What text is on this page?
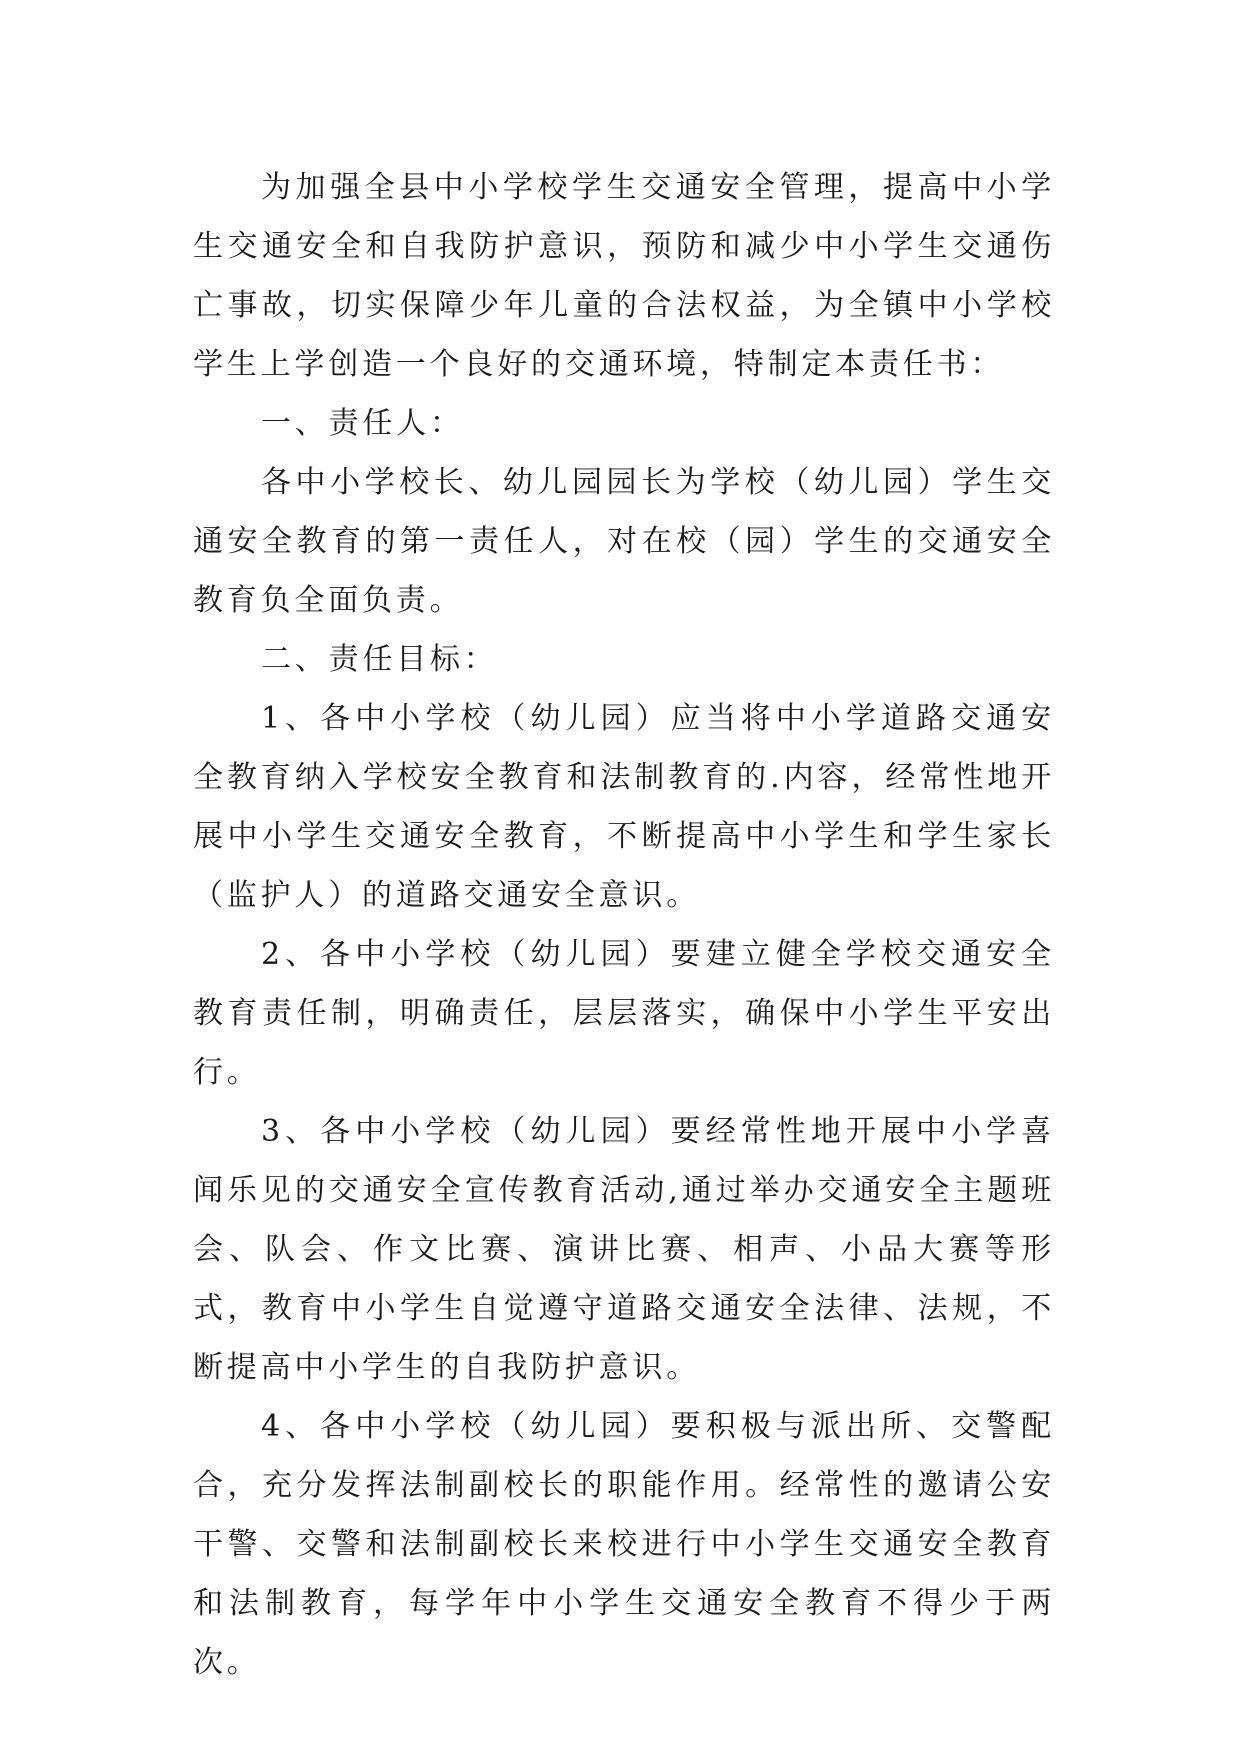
为加强全县中小学校学生交通安全管理，提高中小学生交通安全和自我防护意识，预防和减少中小学生交通伤亡事故，切实保障少年儿童的合法权益，为全镇中小学校学生上学创造一个良好的交通环境，特制定本责任书：

一、责任人：

各中小学校长、幼儿园园长为学校（幼儿园）学生交通安全教育的第一责任人，对在校（园）学生的交通安全教育负全面负责。

二、责任目标：

1、各中小学校（幼儿园）应当将中小学道路交通安全教育纳入学校安全教育和法制教育的.内容，经常性地开展中小学生交通安全教育，不断提高中小学生和学生家长（监护人）的道路交通安全意识。

2、各中小学校（幼儿园）要建立健全学校交通安全教育责任制，明确责任，层层落实，确保中小学生平安出行。

3、各中小学校（幼儿园）要经常性地开展中小学喜闻乐见的交通安全宣传教育活动,通过举办交通安全主题班会、队会、作文比赛、演讲比赛、相声、小品大赛等形式，教育中小学生自觉遵守道路交通安全法律、法规，不断提高中小学生的自我防护意识。

4、各中小学校（幼儿园）要积极与派出所、交警配合，充分发挥法制副校长的职能作用。经常性的邀请公安干警、交警和法制副校长来校进行中小学生交通安全教育和法制教育，每学年中小学生交通安全教育不得少于两次。
